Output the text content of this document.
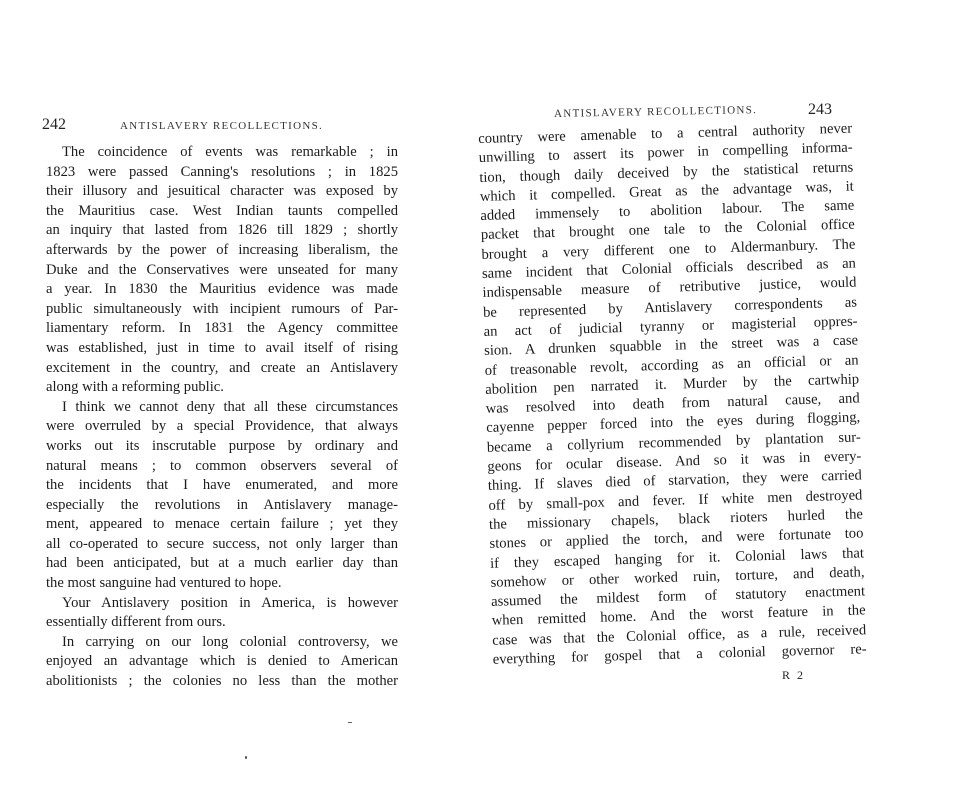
242	ANTISLAVERY RECOLLECTIONS.
The coincidence of events was remarkable ; in
1823 were passed Canning's resolutions ; in 1825
their illusory and jesuitical character was exposed by
the Mauritius case. West Indian taunts compelled
an inquiry that lasted from 1826 till 1829 ; shortly
afterwards by the power of increasing liberalism, the
Duke and the Conservatives were unseated for many
a year. In 1830 the Mauritius evidence was made
public simultaneously with incipient rumours of Par-
liamentary reform. In 1831 the Agency committee
was established, just in time to avail itself of rising
excitement in the country, and create an Antislavery
along with a reforming public.
I think we cannot deny that all these circumstances
were overruled by a special Providence, that always
works out its inscrutable purpose by ordinary and
natural means ; to common observers several of
the incidents that I have enumerated, and more
especially the revolutions in Antislavery manage-
ment, appeared to menace certain failure ; yet they
all co-operated to secure success, not only larger than
had been anticipated, but at a much earlier day than
the most sanguine had ventured to hope.
Your Antislavery position in America, is however
essentially different from ours.
In carrying on our long colonial controversy, we
enjoyed an advantage which is denied to American
abolitionists ; the colonies no less than the mother
243
ANTISLAVERY RECOLLECTIONS.
country were amenable to a central authority never
unwilling to assert its power in compelling informa-
tion, though daily deceived by the statistical returns
which it compelled. Great as the advantage was, it
added immensely to abolition labour. The same
packet that brought one tale to the Colonial office
brought a very different one to Aldermanbury. The
same incident that Colonial officials described as an
indispensable measure of retributive justice, would
be represented by Antislavery correspondents as
an act of judicial tyranny or magisterial oppres-
sion. A drunken squabble in the street was a case
of treasonable revolt, according as an official or an
abolition pen narrated it. Murder by the cartwhip
was resolved into death from natural cause, and
cayenne pepper forced into the eyes during flogging,
became a collyrium recommended by plantation sur-
geons for ocular disease. And so it was in every-
thing. If slaves died of starvation, they were carried
off by small-pox and fever. If white men destroyed
the missionary chapels, black rioters hurled the
stones or applied the torch, and were fortunate too
if they escaped hanging for it. Colonial laws that
somehow or other worked ruin, torture, and death,
assumed the mildest form of statutory enactment
when remitted home. And the worst feature in the
case was that the Colonial office, as a rule, received
everything for gospel that a colonial governor re-
R 2
